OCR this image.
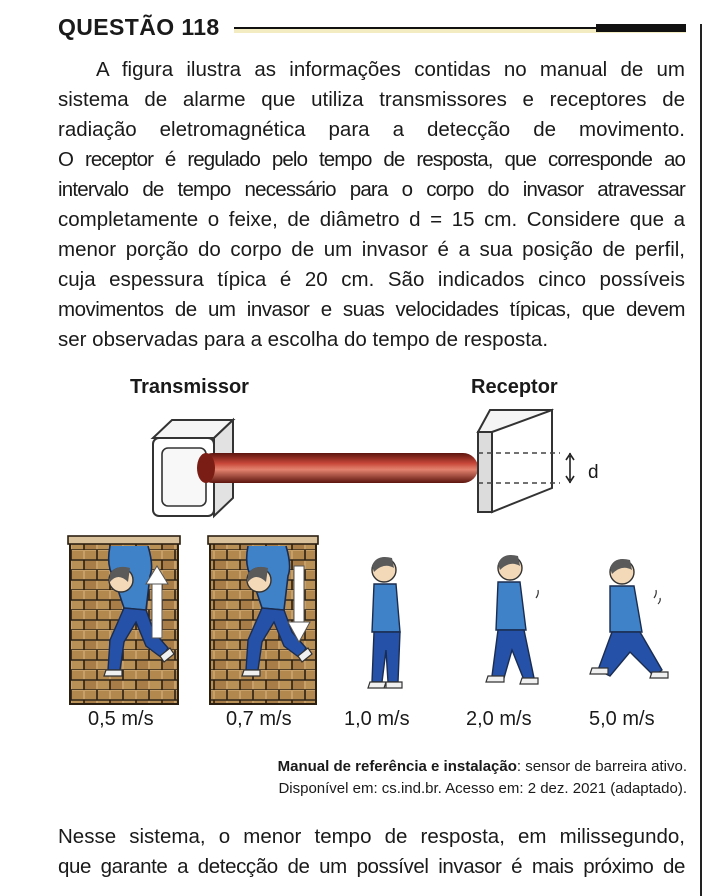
QUESTÃO 118
A figura ilustra as informações contidas no manual de um
sistema de alarme que utiliza transmissores e receptores de
radiação eletromagnética para a detecção de movimento.
O receptor é regulado pelo tempo de resposta, que corresponde ao
intervalo de tempo necessário para o corpo do invasor atravessar
completamente o feixe, de diâmetro d = 15 cm. Considere que a
menor porção do corpo de um invasor é a sua posição de perfil,
cuja espessura típica é 20 cm. São indicados cinco possíveis
movimentos de um invasor e suas velocidades típicas, que devem
ser observadas para a escolha do tempo de resposta.
Transmissor	Receptor
d
0,5 m/s	0,7 m/s	1,0 m/s	2,0 m/s	5,0 m/s
Manual de referência e instalação: sensor de barreira ativo.
Disponível em: cs.ind.br. Acesso em: 2 dez. 2021 (adaptado).
Nesse sistema, o menor tempo de resposta, em milissegundo,
que garante a detecção de um possível invasor é mais próximo de
